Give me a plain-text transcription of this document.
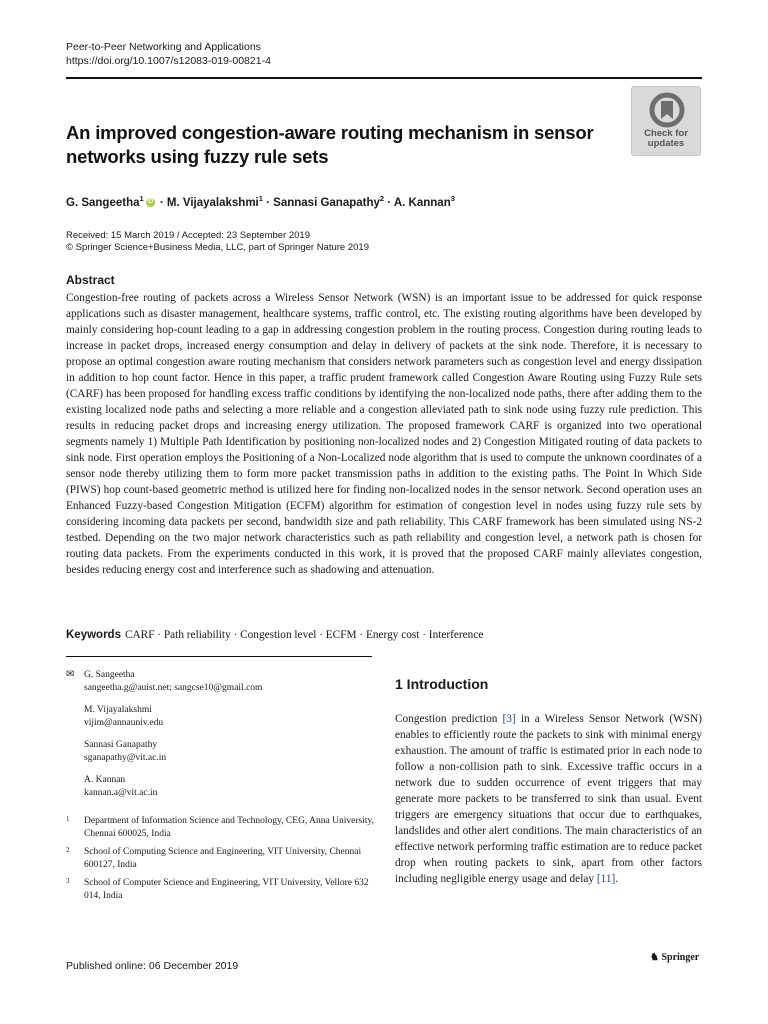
Peer-to-Peer Networking and Applications
https://doi.org/10.1007/s12083-019-00821-4
An improved congestion-aware routing mechanism in sensor networks using fuzzy rule sets
Check for
updates
G. Sangeetha$^1$ iD · M. Vijayalakshmi$^1$ · Sannasi Ganapathy$^2$ · A. Kannan$^3$
Received: 15 March 2019 / Accepted: 23 September 2019
© Springer Science+Business Media, LLC, part of Springer Nature 2019
Abstract
Congestion-free routing of packets across a Wireless Sensor Network (WSN) is an important issue to be addressed for quick response applications such as disaster management, healthcare systems, traffic control, etc. The existing routing algorithms have been developed by mainly considering hop-count leading to a gap in addressing congestion problem in the routing process. Congestion during routing leads to increase in packet drops, increased energy consumption and delay in delivery of packets at the sink node. Therefore, it is necessary to propose an optimal congestion aware routing mechanism that considers network parameters such as congestion level and energy dissipation in addition to hop count factor. Hence in this paper, a traffic prudent framework called Congestion Aware Routing using Fuzzy Rule sets (CARF) has been proposed for handling excess traffic conditions by identifying the non-localized node paths, there after adding them to the existing localized node paths and selecting a more reliable and a congestion alleviated path to sink node using fuzzy rule prediction. This results in reducing packet drops and increasing energy utilization. The proposed framework CARF is organized into two operational segments namely 1) Multiple Path Identification by positioning non-localized nodes and 2) Congestion Mitigated routing of data packets to sink node. First operation employs the Positioning of a Non-Localized node algorithm that is used to compute the unknown coordinates of a sensor node thereby utilizing them to form more packet transmission paths in addition to the existing paths. The Point In Which Side (PIWS) hop count-based geometric method is utilized here for finding non-localized nodes in the sensor network. Second operation uses an Enhanced Fuzzy-based Congestion Mitigation (ECFM) algorithm for estimation of congestion level in nodes using fuzzy rule sets by considering incoming data packets per second, bandwidth size and path reliability. This CARF framework has been simulated using NS-2 testbed. Depending on the two major network characteristics such as path reliability and congestion level, a network path is chosen for routing data packets. From the experiments conducted in this work, it is proved that the proposed CARF mainly alleviates congestion, besides reducing energy cost and interference such as shadowing and attenuation.
Keywords CARF · Path reliability · Congestion level · ECFM · Energy cost · Interference
✉ G. Sangeetha
sangeetha.g@auist.net; sangcse10@gmail.com
M. Vijayalakshmi
vijim@annauniv.edu
Sannasi Ganapathy
sganapathy@vit.ac.in
A. Kannan
kannan.a@vit.ac.in
1 Department of Information Science and Technology, CEG, Anna University, Chennai 600025, India
2 School of Computing Science and Engineering, VIT University, Chennai 600127, India
3 School of Computer Science and Engineering, VIT University, Vellore 632 014, India
1 Introduction
Congestion prediction [3] in a Wireless Sensor Network (WSN) enables to efficiently route the packets to sink with minimal energy exhaustion. The amount of traffic is estimated prior in each node to follow a non-collision path to sink. Excessive traffic occurs in a network due to sudden occurrence of event triggers that may generate more packets to be transferred to sink than usual. Event triggers are emergency situations that occur due to earthquakes, landslides and other alert conditions. The main characteristics of an effective network performing traffic estimation are to reduce packet drop when routing packets to sink, apart from other factors including negligible energy usage and delay [11].
Published online: 06 December 2019
♞ Springer
